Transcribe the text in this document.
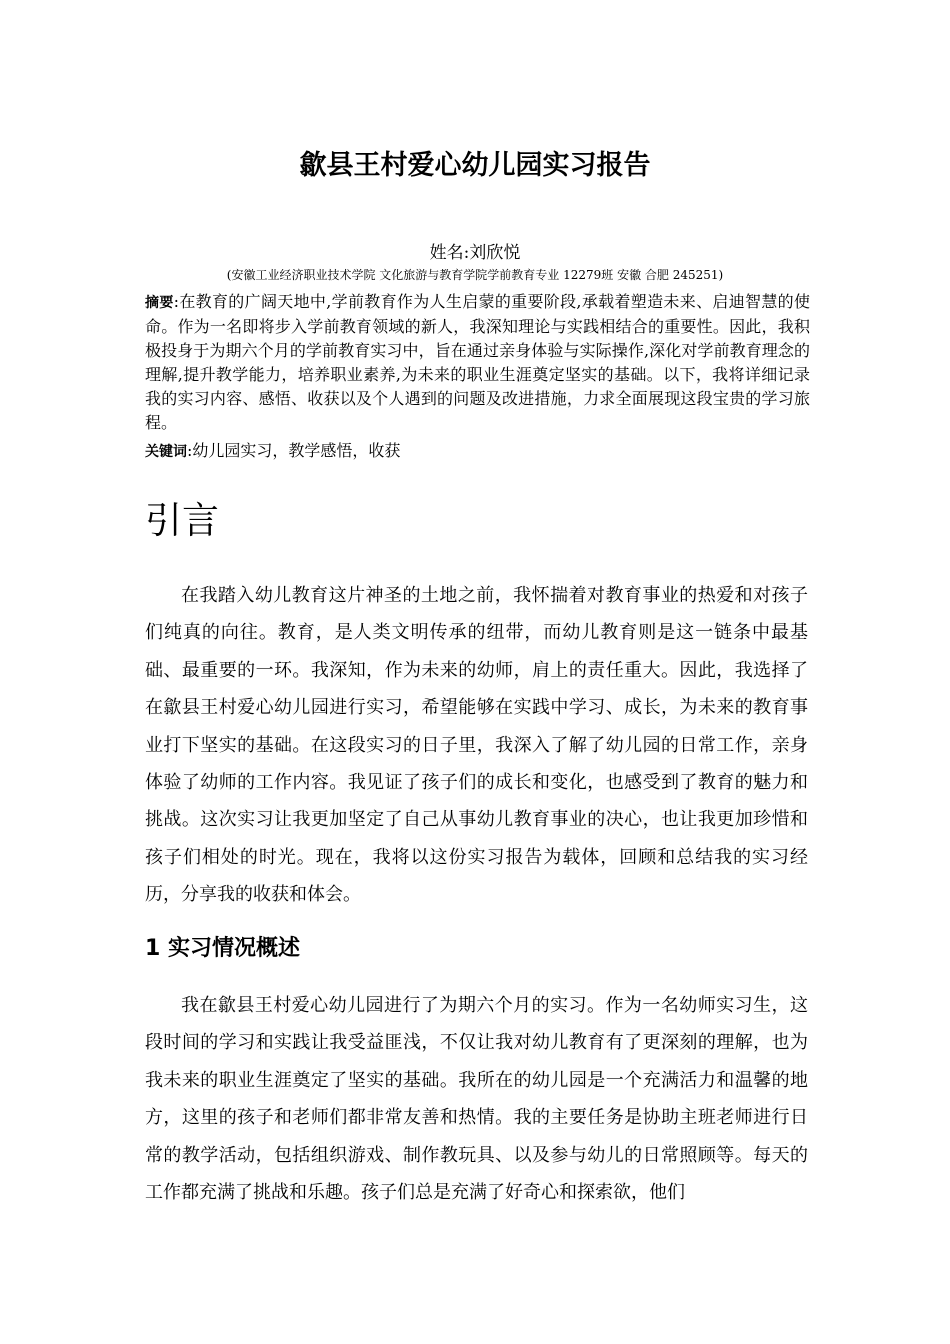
歙县王村爱心幼儿园实习报告
姓名:刘欣悦
(安徽工业经济职业技术学院 文化旅游与教育学院学前教育专业 12279班 安徽 合肥 245251)

摘要:在教育的广阔天地中,学前教育作为人生启蒙的重要阶段,承载着塑造未来、启迪智慧的使命。作为一名即将步入学前教育领域的新人，我深知理论与实践相结合的重要性。因此，我积极投身于为期六个月的学前教育实习中，旨在通过亲身体验与实际操作,深化对学前教育理念的理解,提升教学能力，培养职业素养,为未来的职业生涯奠定坚实的基础。以下，我将详细记录我的实习内容、感悟、收获以及个人遇到的问题及改进措施，力求全面展现这段宝贵的学习旅程。

关键词:幼儿园实习，教学感悟，收获

引言

在我踏入幼儿教育这片神圣的土地之前，我怀揣着对教育事业的热爱和对孩子们纯真的向往。教育，是人类文明传承的纽带，而幼儿教育则是这一链条中最基础、最重要的一环。我深知，作为未来的幼师，肩上的责任重大。因此，我选择了在歙县王村爱心幼儿园进行实习，希望能够在实践中学习、成长，为未来的教育事业打下坚实的基础。在这段实习的日子里，我深入了解了幼儿园的日常工作，亲身体验了幼师的工作内容。我见证了孩子们的成长和变化，也感受到了教育的魅力和挑战。这次实习让我更加坚定了自己从事幼儿教育事业的决心，也让我更加珍惜和孩子们相处的时光。现在，我将以这份实习报告为载体，回顾和总结我的实习经历，分享我的收获和体会。

1 实习情况概述

我在歙县王村爱心幼儿园进行了为期六个月的实习。作为一名幼师实习生，这段时间的学习和实践让我受益匪浅，不仅让我对幼儿教育有了更深刻的理解，也为我未来的职业生涯奠定了坚实的基础。我所在的幼儿园是一个充满活力和温馨的地方，这里的孩子和老师们都非常友善和热情。我的主要任务是协助主班老师进行日常的教学活动，包括组织游戏、制作教玩具、以及参与幼儿的日常照顾等。每天的工作都充满了挑战和乐趣。孩子们总是充满了好奇心和探索欲，他们
